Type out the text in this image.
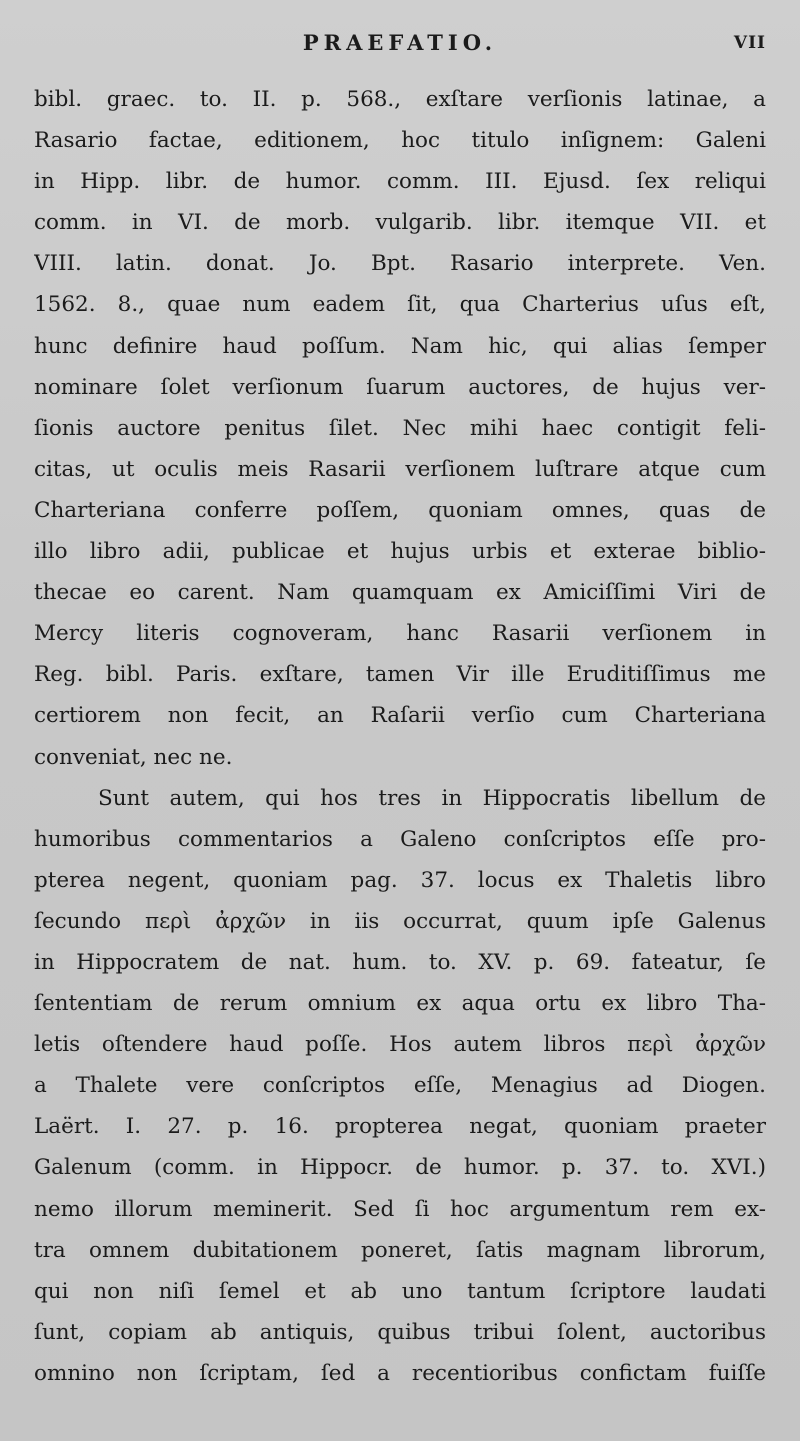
PRAEFATIO.	VII
bibl. graec. to. II. p. 568., exſtare verſionis latinae, a
Rasario factae, editionem, hoc titulo inſignem: Galeni
in Hipp. libr. de humor. comm. III. Ejusd. ſex reliqui
comm. in VI. de morb. vulgarib. libr. itemque VII. et
VIII. latin. donat. Jo. Bpt. Rasario interprete. Ven.
1562. 8., quae num eadem ſit, qua Charterius uſus eſt,
hunc definire haud poſſum. Nam hic, qui alias ſemper
nominare ſolet verſionum ſuarum auctores, de hujus ver-
ſionis auctore penitus ſilet. Nec mihi haec contigit feli-
citas, ut oculis meis Rasarii verſionem luſtrare atque cum
Charteriana conferre poſſem, quoniam omnes, quas de
illo libro adii, publicae et hujus urbis et exterae biblio-
thecae eo carent. Nam quamquam ex Amiciſſimi Viri de
Mercy literis cognoveram, hanc Rasarii verſionem in
Reg. bibl. Paris. exſtare, tamen Vir ille Eruditiſſimus me
certiorem non fecit, an Raſarii verſio cum Charteriana
conveniat, nec ne.
Sunt autem, qui hos tres in Hippocratis libellum de
humoribus commentarios a Galeno conſcriptos eſſe pro-
pterea negent, quoniam pag. 37. locus ex Thaletis libro
ſecundo περὶ ἀρχῶν in iis occurrat, quum ipſe Galenus
in Hippocratem de nat. hum. to. XV. p. 69. fateatur, ſe
ſententiam de rerum omnium ex aqua ortu ex libro Tha-
letis oſtendere haud poſſe. Hos autem libros περὶ ἀρχῶν
a Thalete vere conſcriptos eſſe, Menagius ad Diogen.
Laërt. I. 27. p. 16. propterea negat, quoniam praeter
Galenum (comm. in Hippocr. de humor. p. 37. to. XVI.)
nemo illorum meminerit. Sed ſi hoc argumentum rem ex-
tra omnem dubitationem poneret, ſatis magnam librorum,
qui non niſi ſemel et ab uno tantum ſcriptore laudati
ſunt, copiam ab antiquis, quibus tribui ſolent, auctoribus
omnino non ſcriptam, ſed a recentioribus confictam fuiſſe
